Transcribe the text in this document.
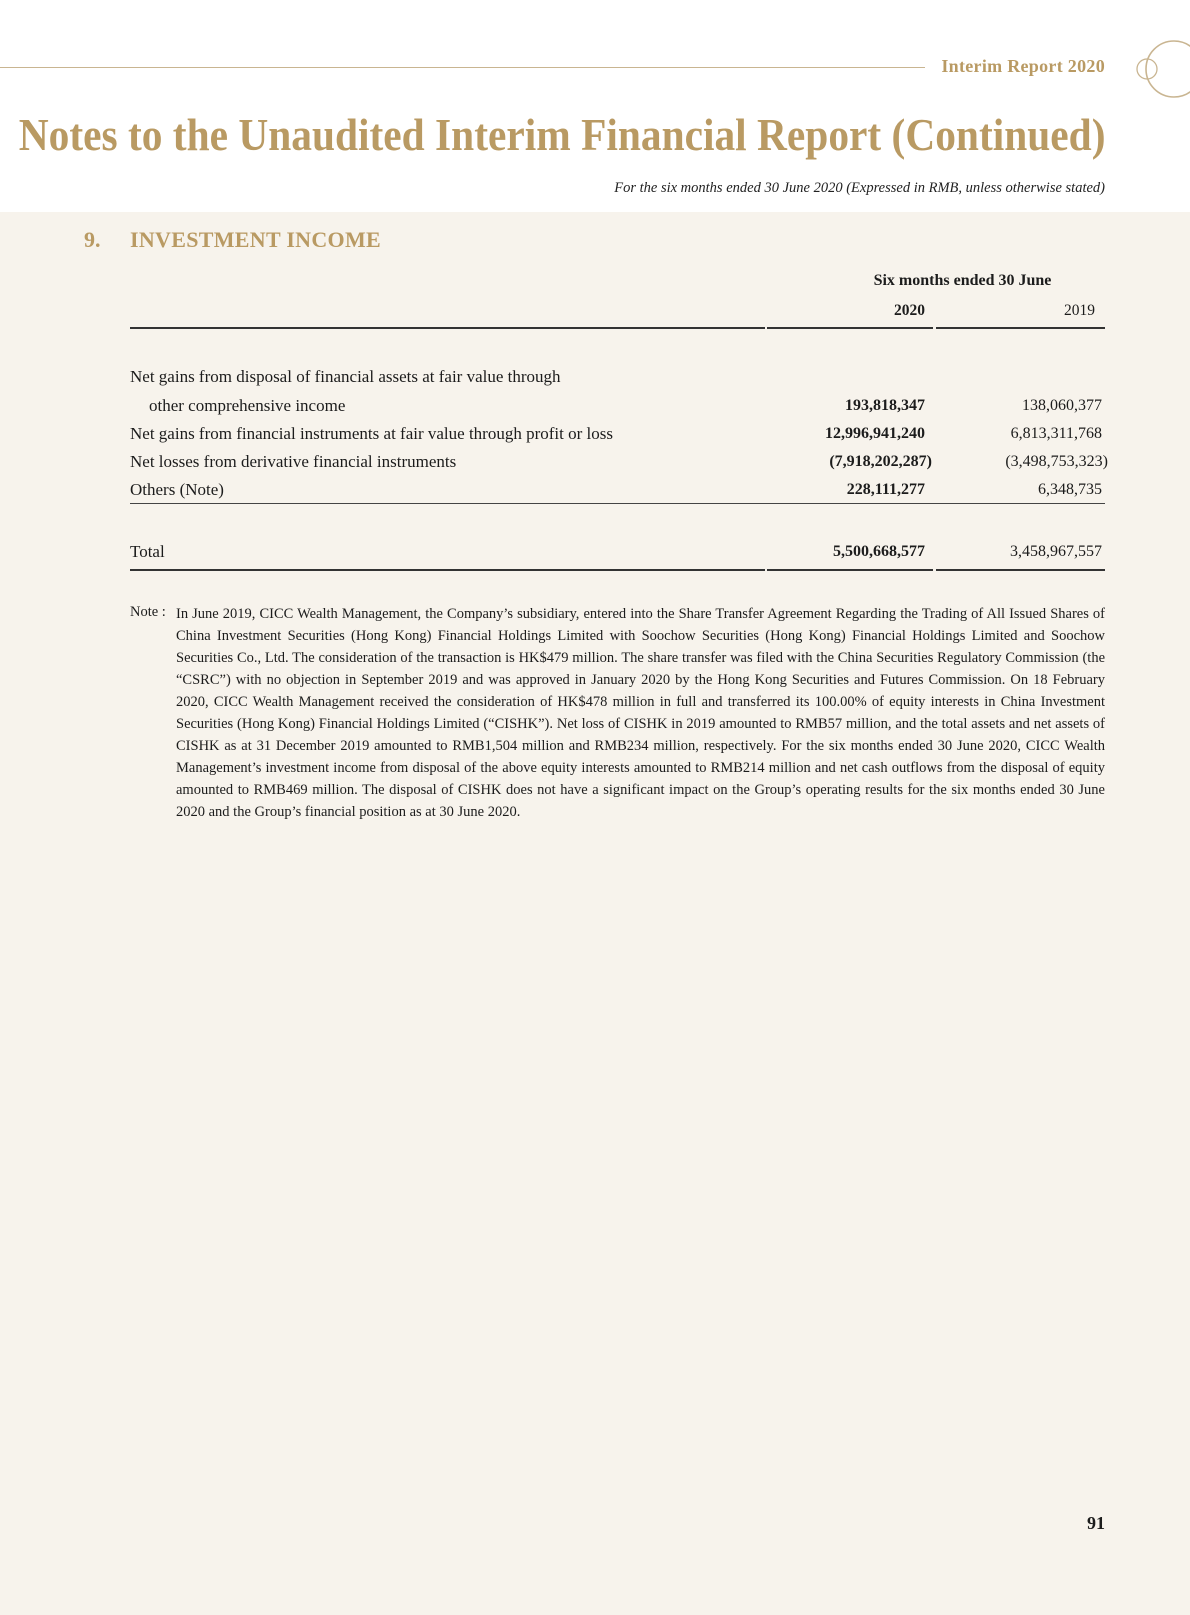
Interim Report 2020
Notes to the Unaudited Interim Financial Report (Continued)
For the six months ended 30 June 2020 (Expressed in RMB, unless otherwise stated)
9. INVESTMENT INCOME
Six months ended 30 June
2020	2019
Net gains from disposal of financial assets at fair value through
other comprehensive income	193,818,347	138,060,377
Net gains from financial instruments at fair value through profit or loss	12,996,941,240	6,813,311,768
Net losses from derivative financial instruments	(7,918,202,287)	(3,498,753,323)
Others (Note)	228,111,277	6,348,735
Total	5,500,668,577	3,458,967,557
Note : In June 2019, CICC Wealth Management, the Company’s subsidiary, entered into the Share Transfer Agreement Regarding the Trading of All Issued Shares of China Investment Securities (Hong Kong) Financial Holdings Limited with Soochow Securities (Hong Kong) Financial Holdings Limited and Soochow Securities Co., Ltd. The consideration of the transaction is HK$479 million. The share transfer was filed with the China Securities Regulatory Commission (the “CSRC”) with no objection in September 2019 and was approved in January 2020 by the Hong Kong Securities and Futures Commission. On 18 February 2020, CICC Wealth Management received the consideration of HK$478 million in full and transferred its 100.00% of equity interests in China Investment Securities (Hong Kong) Financial Holdings Limited (“CISHK”). Net loss of CISHK in 2019 amounted to RMB57 million, and the total assets and net assets of CISHK as at 31 December 2019 amounted to RMB1,504 million and RMB234 million, respectively. For the six months ended 30 June 2020, CICC Wealth Management’s investment income from disposal of the above equity interests amounted to RMB214 million and net cash outflows from the disposal of equity amounted to RMB469 million. The disposal of CISHK does not have a significant impact on the Group’s operating results for the six months ended 30 June 2020 and the Group’s financial position as at 30 June 2020.

91
